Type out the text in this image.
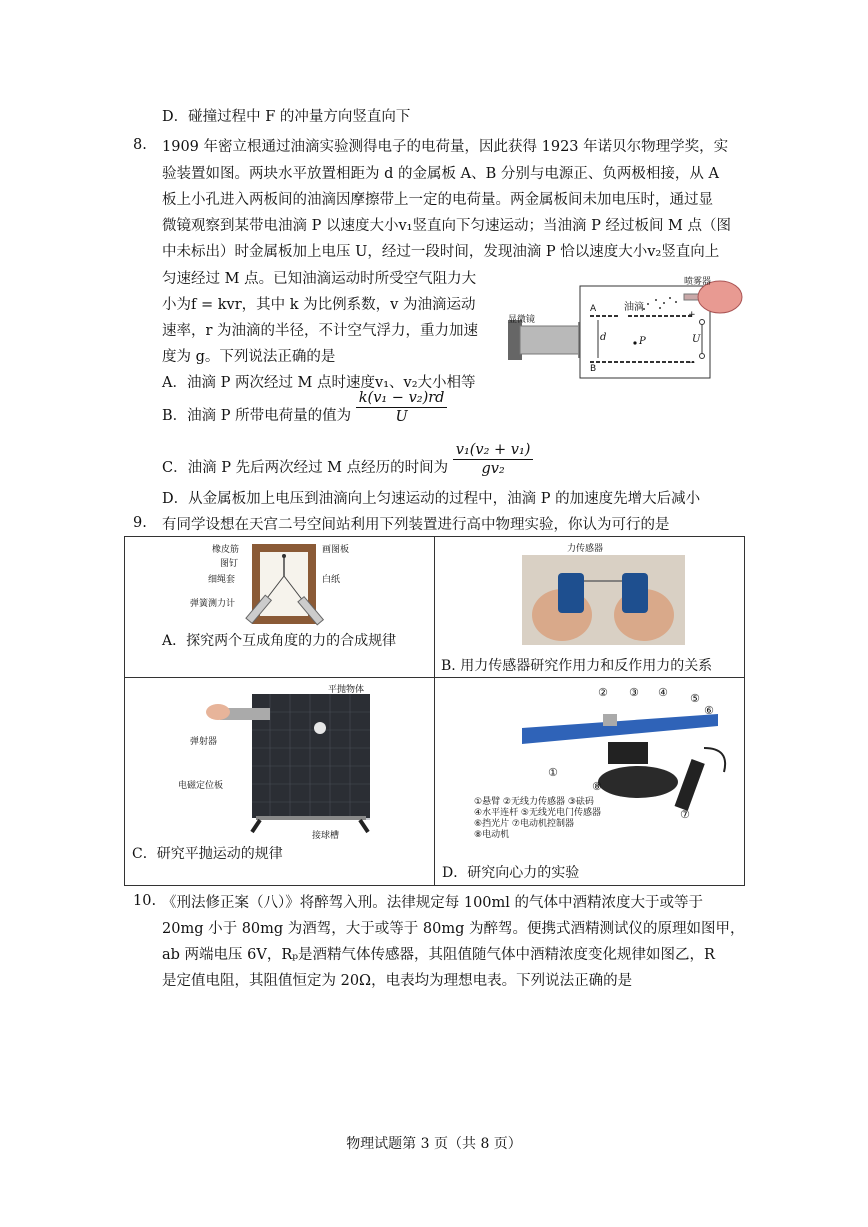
D．碰撞过程中 F 的冲量方向竖直向下
8. 1909 年密立根通过油滴实验测得电子的电荷量，因此获得 1923 年诺贝尔物理学奖，实
验装置如图。两块水平放置相距为 d 的金属板 A、B 分别与电源正、负两极相接，从 A
板上小孔进入两板间的油滴因摩擦带上一定的电荷量。两金属板间未加电压时，通过显
微镜观察到某带电油滴 P 以速度大小v₁竖直向下匀速运动；当油滴 P 经过板间 M 点（图
中未标出）时金属板加上电压 U，经过一段时间，发现油滴 P 恰以速度大小v₂竖直向上
匀速经过 M 点。已知油滴运动时所受空气阻力大
小为f = kvr，其中 k 为比例系数，v 为油滴运动
速率，r 为油滴的半径，不计空气浮力，重力加速
度为 g。下列说法正确的是
A．油滴 P 两次经过 M 点时速度v₁、v₂大小相等
B．油滴 P 所带电荷量的值为 $\frac{\text{k(v₁ − v₂)rd}}{U}$
C．油滴 P 先后两次经过 M 点经历的时间为 $\frac{\text{v₁(v₂ + v₁)}}{\text{gv₂}}$
D．从金属板加上电压到油滴向上匀速运动的过程中，油滴 P 的加速度先增大后减小
显微镜
喷雾器
油滴
A
B
d	P	U
+
−
9. 有同学设想在天宫二号空间站利用下列装置进行高中物理实验，你认为可行的是
橡皮筋
图钉
细绳套
弹簧测力计
画图板
白纸
A．探究两个互成角度的力的合成规律
力传感器
B. 用力传感器研究作用力和反作用力的关系
平抛物体
弹射器
电磁定位板
接球槽
C．研究平抛运动的规律
② ③ ④ ⑤
⑥
①
⑧
⑦
①悬臂 ②无线力传感器 ③砝码
④水平连杆 ⑤无线光电门传感器
⑥挡光片 ⑦电动机控制器
⑧电动机
D．研究向心力的实验
10. 《刑法修正案（八）》将醉驾入刑。法律规定每 100ml 的气体中酒精浓度大于或等于
20mg 小于 80mg 为酒驾，大于或等于 80mg 为醉驾。便携式酒精测试仪的原理如图甲，
ab 两端电压 6V，Rₚ是酒精气体传感器，其阻值随气体中酒精浓度变化规律如图乙，R
是定值电阻，其阻值恒定为 20Ω，电表均为理想电表。下列说法正确的是
物理试题第 3 页（共 8 页）
